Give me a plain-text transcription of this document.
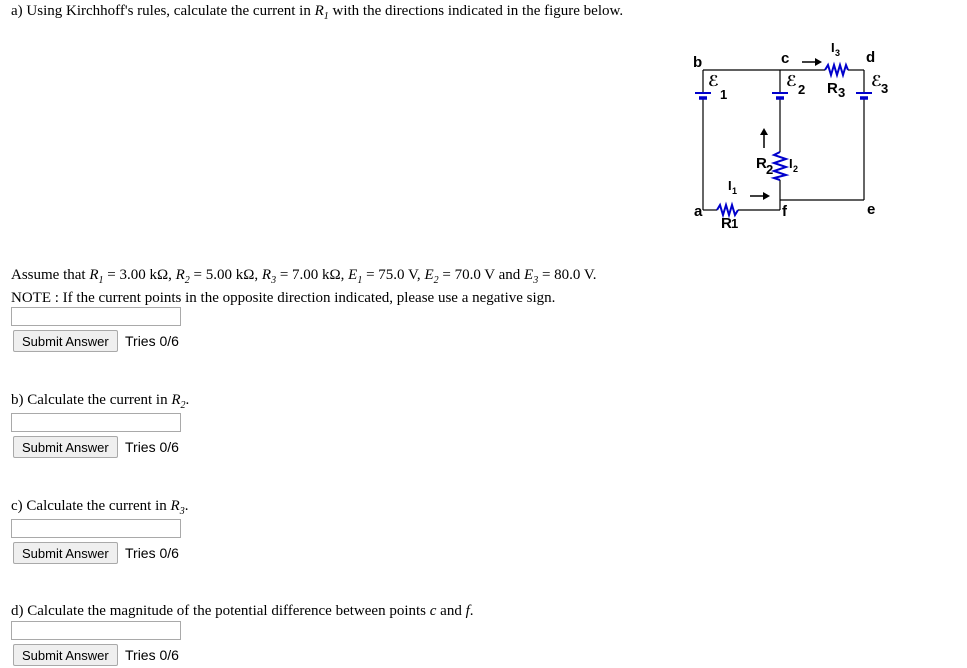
a) Using Kirchhoff's rules, calculate the current in $R_1$ with the directions indicated in the figure below.
b	c	d
e
f
a
ℰ
1
ℰ 2	ℰ 3
R 3
R 2
R 1
I 3
I 2
I 1
Assume that $R_1 = 3.00$ kΩ, $R_2 = 5.00$ kΩ, $R_3 = 7.00$ kΩ, $E_1 = 75.0$ V, $E_2 = 70.0$ V and $E_3 = 80.0$ V.
NOTE : If the current points in the opposite direction indicated, please use a negative sign.
Submit Answer	Tries 0/6
b) Calculate the current in $R_2$.
Submit Answer	Tries 0/6
c) Calculate the current in $R_3$.
Submit Answer	Tries 0/6
d) Calculate the magnitude of the potential difference between points c and f.
Submit Answer	Tries 0/6
